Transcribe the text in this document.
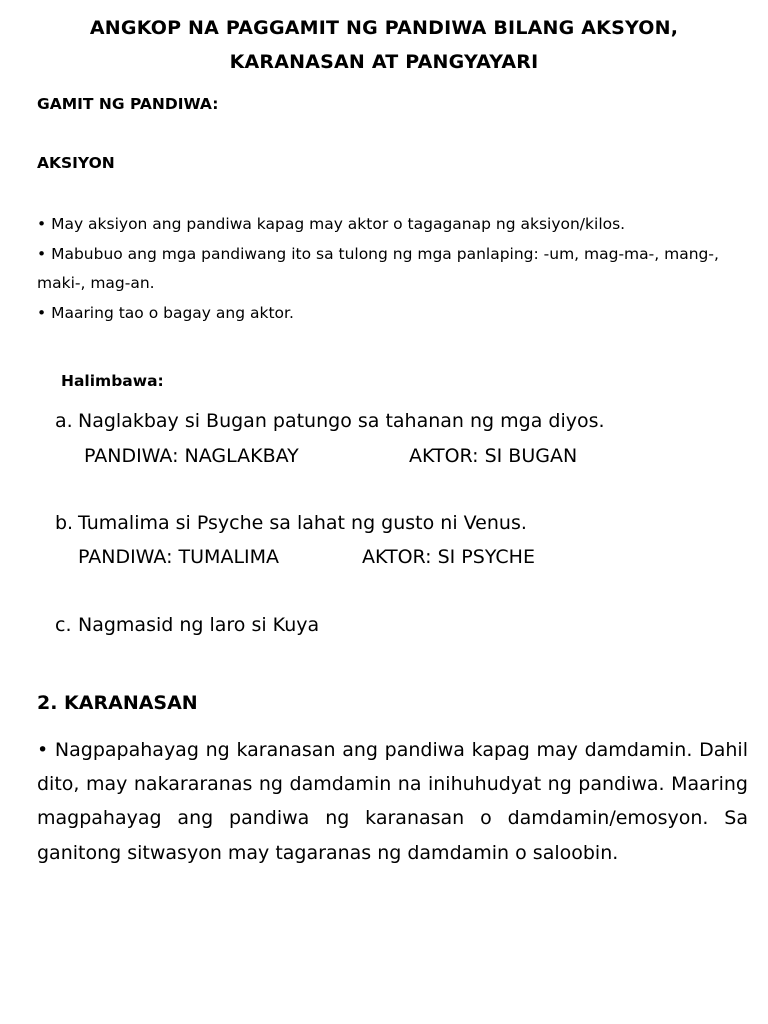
ANGKOP NA PAGGAMIT NG PANDIWA BILANG AKSYON,
KARANASAN AT PANGYAYARI
GAMIT NG PANDIWA:
AKSIYON
• May aksiyon ang pandiwa kapag may aktor o tagaganap ng aksiyon/kilos.
• Mabubuo ang mga pandiwang ito sa tulong ng mga panlaping: -um, mag-ma-, mang-, maki-, mag-an.
• Maaring tao o bagay ang aktor.
Halimbawa:
a. Naglakbay si Bugan patungo sa tahanan ng mga diyos.
PANDIWA: NAGLAKBAY	AKTOR: SI BUGAN
b. Tumalima si Psyche sa lahat ng gusto ni Venus.
PANDIWA: TUMALIMA	AKTOR: SI PSYCHE
c. Nagmasid ng laro si Kuya
2. KARANASAN
• Nagpapahayag ng karanasan ang pandiwa kapag may damdamin. Dahil dito, may nakararanas ng damdamin na inihuhudyat ng pandiwa. Maaring magpahayag ang pandiwa ng karanasan o damdamin/emosyon. Sa ganitong sitwasyon may tagaranas ng damdamin o saloobin.
